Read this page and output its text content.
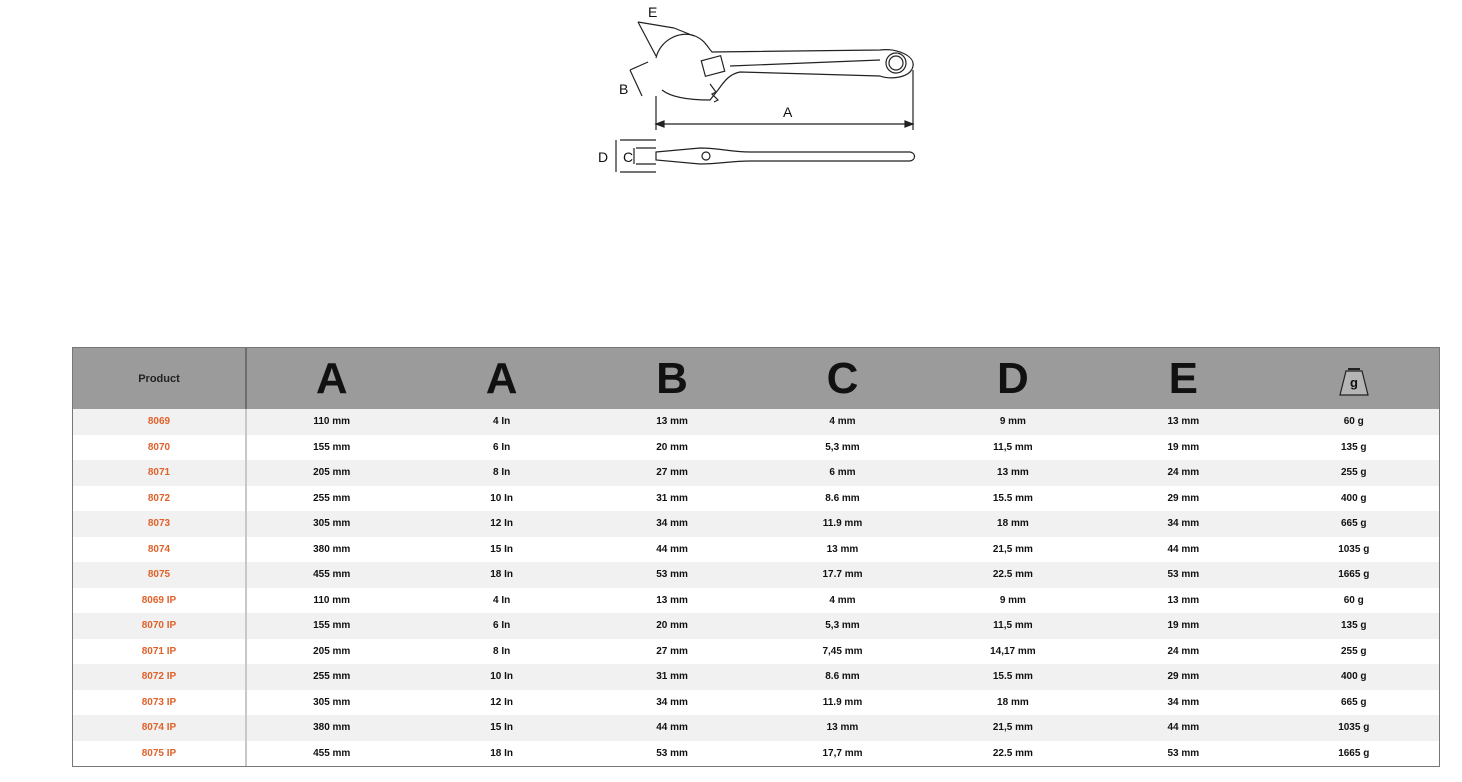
A
B
C
D
E
Product	A	A	B	C	D	E	g

8069	110 mm	4 In	13 mm	4 mm	9 mm	13 mm	60 g
8070	155 mm	6 In	20 mm	5,3 mm	11,5 mm	19 mm	135 g
8071	205 mm	8 In	27 mm	6 mm	13 mm	24 mm	255 g
8072	255 mm	10 In	31 mm	8.6 mm	15.5 mm	29 mm	400 g
8073	305 mm	12 In	34 mm	11.9 mm	18 mm	34 mm	665 g
8074	380 mm	15 In	44 mm	13 mm	21,5 mm	44 mm	1035 g
8075	455 mm	18 In	53 mm	17.7 mm	22.5 mm	53 mm	1665 g
8069 IP	110 mm	4 In	13 mm	4 mm	9 mm	13 mm	60 g
8070 IP	155 mm	6 In	20 mm	5,3 mm	11,5 mm	19 mm	135 g
8071 IP	205 mm	8 In	27 mm	7,45 mm	14,17 mm	24 mm	255 g
8072 IP	255 mm	10 In	31 mm	8.6 mm	15.5 mm	29 mm	400 g
8073 IP	305 mm	12 In	34 mm	11.9 mm	18 mm	34 mm	665 g
8074 IP	380 mm	15 In	44 mm	13 mm	21,5 mm	44 mm	1035 g
8075 IP	455 mm	18 In	53 mm	17,7 mm	22.5 mm	53 mm	1665 g
